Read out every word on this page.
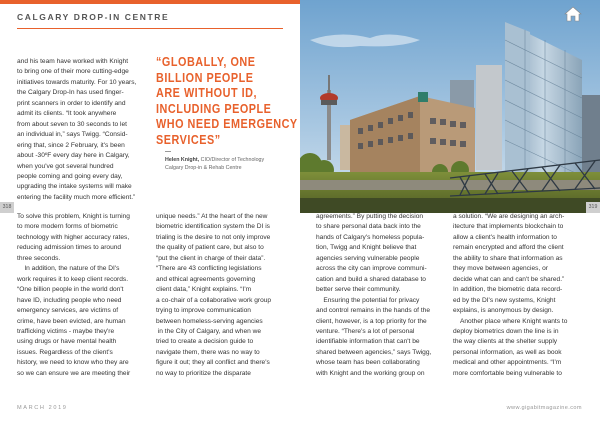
CALGARY DROP-IN CENTRE

and his team have worked with Knight

to bring one of their more cutting-edge

initiatives towards maturity. For 10 years,

the Calgary Drop-In has used finger-

print scanners in order to identify and

admit its clients. “It took anywhere

from about seven to 30 seconds to let

an individual in,” says Twigg. “Consid-

ering that, since 2 February, it's been

about -30ºF every day here in Calgary,

when you've got several hundred

people coming and going every day,

upgrading the intake systems will make

entering the facility much more efficient.”

“GLOBALLY, ONE
BILLION PEOPLE
ARE WITHOUT ID,
INCLUDING PEOPLE
WHO NEED EMERGENCY
SERVICES”
Helen Knight, CIO/Director of Technology
Calgary Drop-in & Rehab Centre
318	319

To solve this problem, Knight is turning

to more modern forms of biometric

technology with higher accuracy rates,

reducing admission times to around

three seconds.

In addition, the nature of the DI's

work requires it to keep client records.

“One billion people in the world don't

have ID, including people who need

emergency services, are victims of

crime, have been evicted, are human

trafficking victims - maybe they're

using drugs or have mental health

issues. Regardless of the client's

history, we need to know who they are

so we can ensure we are meeting their

unique needs.” At the heart of the new

biometric identification system the DI is

trialing is the desire to not only improve

the quality of patient care, but also to

“put the client in charge of their data”.

“There are 43 conflicting legislations

and ethical agreements governing

client data,” Knight explains. “I'm

a co-chair of a collaborative work group

trying to improve communication

between homeless-serving agencies

in the City of Calgary, and when we

tried to create a decision guide to

navigate them, there was no way to

figure it out; they all conflict and there's

no way to prioritize the disparate

agreements.” By putting the decision

to share personal data back into the

hands of Calgary's homeless popula-

tion, Twigg and Knight believe that

agencies serving vulnerable people

across the city can improve communi-

cation and build a shared database to

better serve their community.

Ensuring the potential for privacy

and control remains in the hands of the

client, however, is a top priority for the

venture. “There's a lot of personal

identifiable information that can't be

shared between agencies,” says Twigg,

whose team has been collaborating

with Knight and the working group on

a solution. “We are designing an arch-

itecture that implements blockchain to

allow a client's health information to

remain encrypted and afford the client

the ability to share that information as

they move between agencies, or

decide what can and can't be shared.”

In addition, the biometric data record-

ed by the DI's new systems, Knight

explains, is anonymous by design.

Another place where Knight wants to

deploy biometrics down the line is in

the way clients at the shelter supply

personal information, as well as book

medical and other appointments. “I'm

more comfortable being vulnerable to

MARCH 2019	www.gigabitmagazine.com
